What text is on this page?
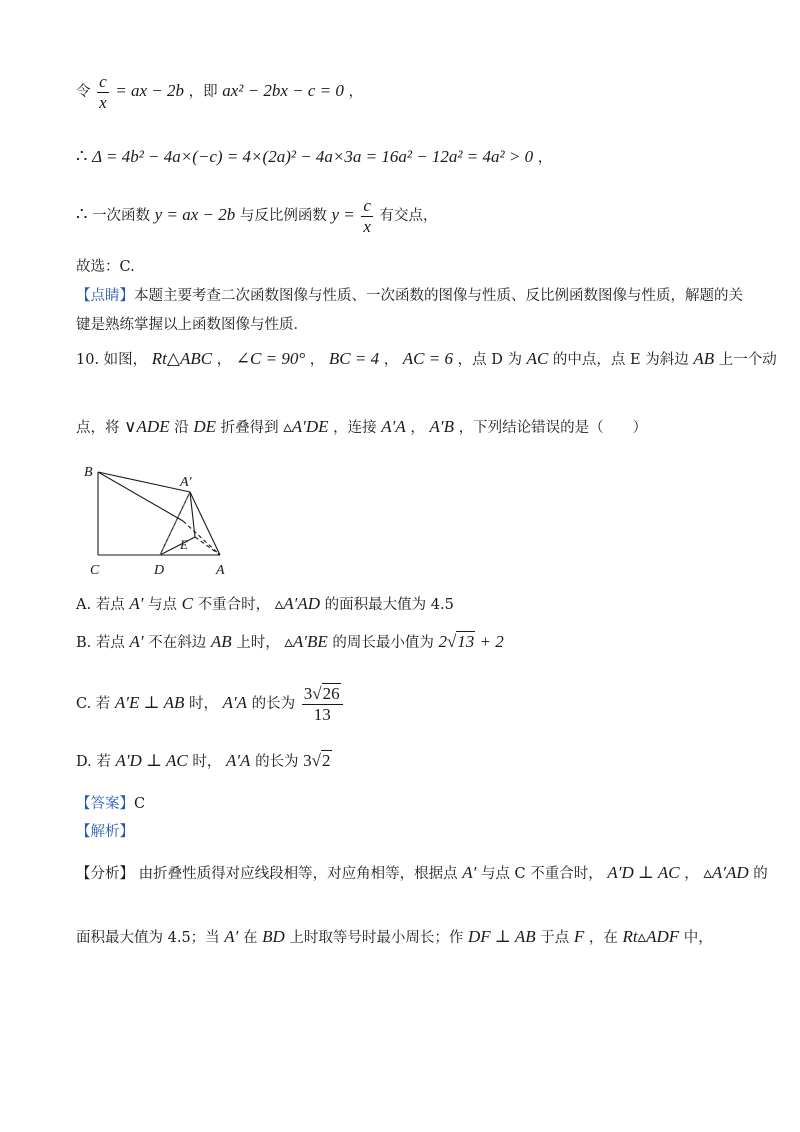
令 $\frac{c}{x}$ = ax − 2b ，即 ax² − 2bx − c = 0 ，
∴ Δ = 4b² − 4a×(−c) = 4×(2a)² − 4a×3a = 16a² − 12a² = 4a² > 0 ，
∴ 一次函数 y = ax − 2b 与反比例函数 $y = \frac{c}{x}$ 有交点，
故选：C.
【点睛】本题主要考查二次函数图像与性质、一次函数的图像与性质、反比例函数图像与性质，解题的关
键是熟练掌握以上函数图像与性质．
10. 如图， Rt△ABC ， ∠C = 90° ， BC = 4 ， AC = 6 ，点 D 为 AC 的中点，点 E 为斜边 AB 上一个动
点，将 ∨ADE 沿 DE 折叠得到 ▵A′DE ，连接 A′A ， A′B ，下列结论错误的是（　　）
B
A′
E
C	D	A
A. 若点 A′ 与点 C 不重合时， ▵A′AD 的面积最大值为 4.5
B. 若点 A′ 不在斜边 AB 上时， ▵A′BE 的周长最小值为 2√13 + 2
C. 若 A′E ⊥ AB 时， A′A 的长为 $\frac{3√26}{13}$
D. 若 A′D ⊥ AC 时， A′A 的长为 3√2
【答案】C
【解析】
【分析】 由折叠性质得对应线段相等，对应角相等，根据点 A′ 与点 C 不重合时， A′D ⊥ AC ， ▵A′AD 的
面积最大值为 4.5；当 A′ 在 BD 上时取等号时最小周长；作 DF ⊥ AB 于点 F ，在 Rt▵ADF 中，
